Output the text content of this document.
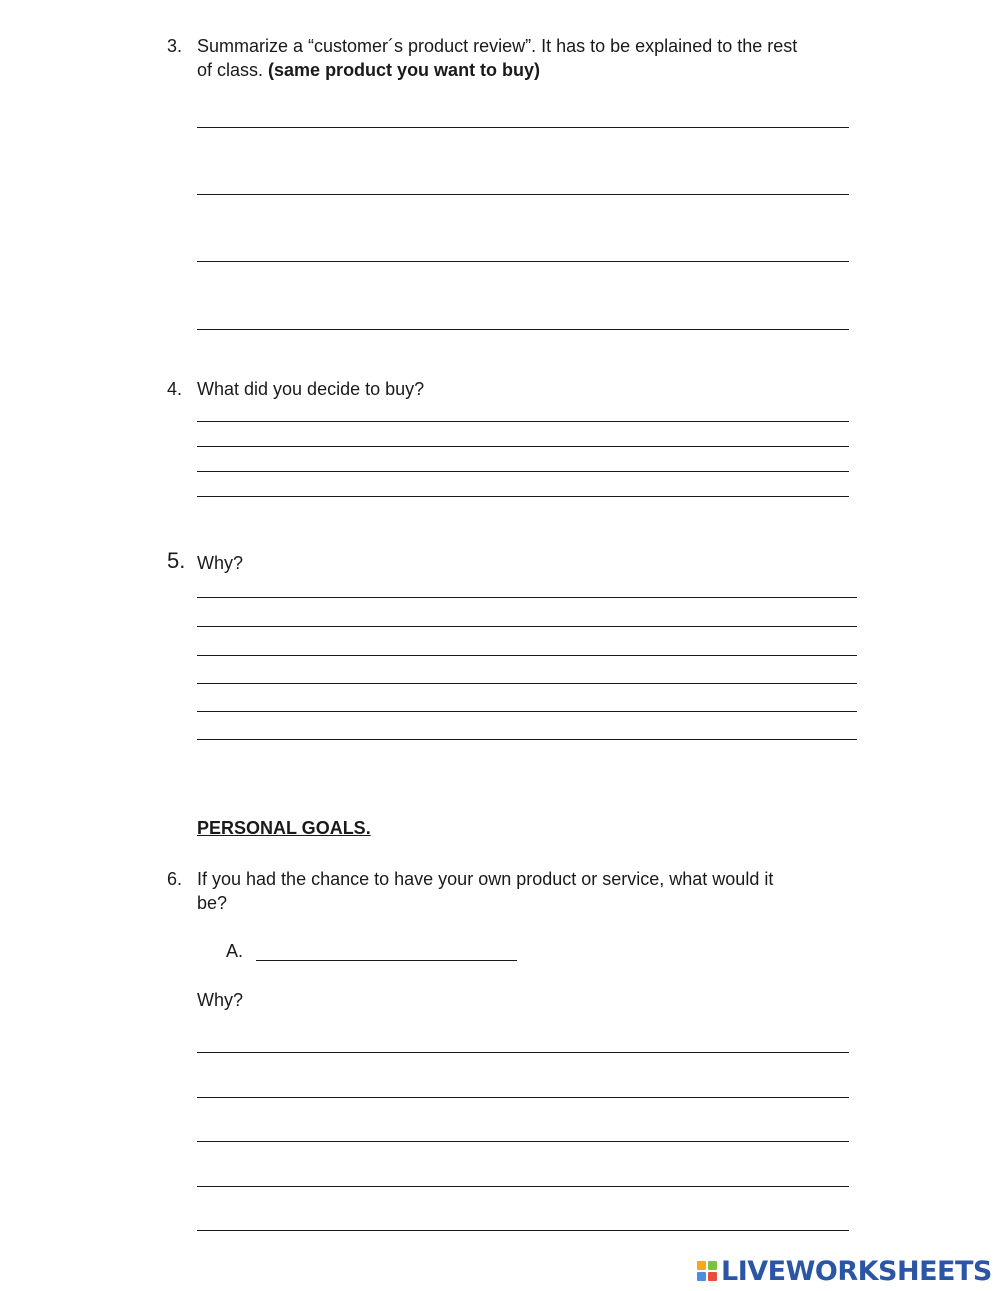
3. Summarize a “customer´s product review”. It has to be explained to the rest
of class. (same product you want to buy)
4. What did you decide to buy?
5. Why?
PERSONAL GOALS.
6. If you had the chance to have your own product or service, what would it
be?
A.
Why?
LIVEWORKSHEETS
